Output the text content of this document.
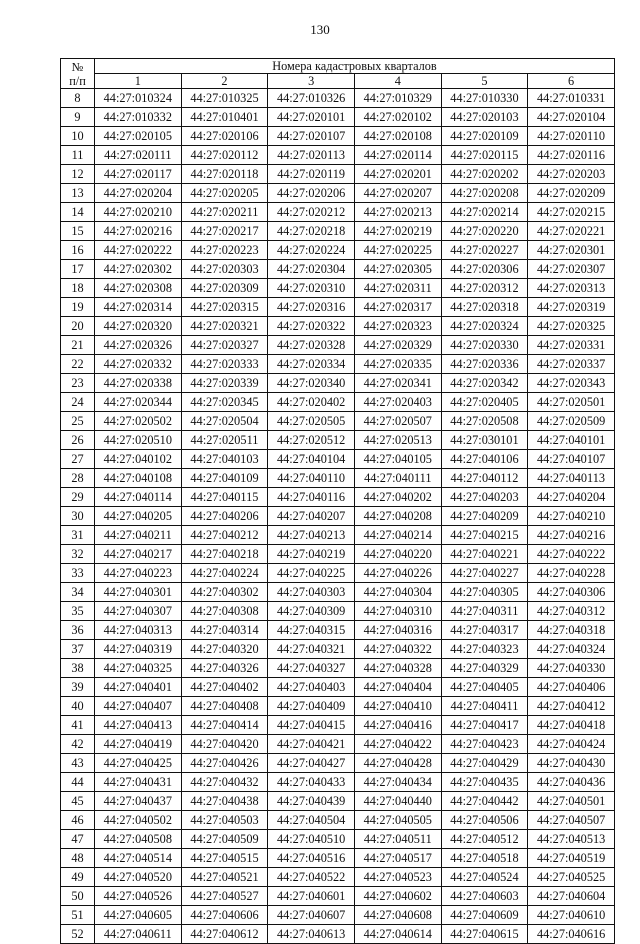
130
№
п/п	Номера кадастровых кварталов					
	1	2	3	4	5	6
8	44:27:010324	44:27:010325	44:27:010326	44:27:010329	44:27:010330	44:27:010331
9	44:27:010332	44:27:010401	44:27:020101	44:27:020102	44:27:020103	44:27:020104
10	44:27:020105	44:27:020106	44:27:020107	44:27:020108	44:27:020109	44:27:020110
11	44:27:020111	44:27:020112	44:27:020113	44:27:020114	44:27:020115	44:27:020116
12	44:27:020117	44:27:020118	44:27:020119	44:27:020201	44:27:020202	44:27:020203
13	44:27:020204	44:27:020205	44:27:020206	44:27:020207	44:27:020208	44:27:020209
14	44:27:020210	44:27:020211	44:27:020212	44:27:020213	44:27:020214	44:27:020215
15	44:27:020216	44:27:020217	44:27:020218	44:27:020219	44:27:020220	44:27:020221
16	44:27:020222	44:27:020223	44:27:020224	44:27:020225	44:27:020227	44:27:020301
17	44:27:020302	44:27:020303	44:27:020304	44:27:020305	44:27:020306	44:27:020307
18	44:27:020308	44:27:020309	44:27:020310	44:27:020311	44:27:020312	44:27:020313
19	44:27:020314	44:27:020315	44:27:020316	44:27:020317	44:27:020318	44:27:020319
20	44:27:020320	44:27:020321	44:27:020322	44:27:020323	44:27:020324	44:27:020325
21	44:27:020326	44:27:020327	44:27:020328	44:27:020329	44:27:020330	44:27:020331
22	44:27:020332	44:27:020333	44:27:020334	44:27:020335	44:27:020336	44:27:020337
23	44:27:020338	44:27:020339	44:27:020340	44:27:020341	44:27:020342	44:27:020343
24	44:27:020344	44:27:020345	44:27:020402	44:27:020403	44:27:020405	44:27:020501
25	44:27:020502	44:27:020504	44:27:020505	44:27:020507	44:27:020508	44:27:020509
26	44:27:020510	44:27:020511	44:27:020512	44:27:020513	44:27:030101	44:27:040101
27	44:27:040102	44:27:040103	44:27:040104	44:27:040105	44:27:040106	44:27:040107
28	44:27:040108	44:27:040109	44:27:040110	44:27:040111	44:27:040112	44:27:040113
29	44:27:040114	44:27:040115	44:27:040116	44:27:040202	44:27:040203	44:27:040204
30	44:27:040205	44:27:040206	44:27:040207	44:27:040208	44:27:040209	44:27:040210
31	44:27:040211	44:27:040212	44:27:040213	44:27:040214	44:27:040215	44:27:040216
32	44:27:040217	44:27:040218	44:27:040219	44:27:040220	44:27:040221	44:27:040222
33	44:27:040223	44:27:040224	44:27:040225	44:27:040226	44:27:040227	44:27:040228
34	44:27:040301	44:27:040302	44:27:040303	44:27:040304	44:27:040305	44:27:040306
35	44:27:040307	44:27:040308	44:27:040309	44:27:040310	44:27:040311	44:27:040312
36	44:27:040313	44:27:040314	44:27:040315	44:27:040316	44:27:040317	44:27:040318
37	44:27:040319	44:27:040320	44:27:040321	44:27:040322	44:27:040323	44:27:040324
38	44:27:040325	44:27:040326	44:27:040327	44:27:040328	44:27:040329	44:27:040330
39	44:27:040401	44:27:040402	44:27:040403	44:27:040404	44:27:040405	44:27:040406
40	44:27:040407	44:27:040408	44:27:040409	44:27:040410	44:27:040411	44:27:040412
41	44:27:040413	44:27:040414	44:27:040415	44:27:040416	44:27:040417	44:27:040418
42	44:27:040419	44:27:040420	44:27:040421	44:27:040422	44:27:040423	44:27:040424
43	44:27:040425	44:27:040426	44:27:040427	44:27:040428	44:27:040429	44:27:040430
44	44:27:040431	44:27:040432	44:27:040433	44:27:040434	44:27:040435	44:27:040436
45	44:27:040437	44:27:040438	44:27:040439	44:27:040440	44:27:040442	44:27:040501
46	44:27:040502	44:27:040503	44:27:040504	44:27:040505	44:27:040506	44:27:040507
47	44:27:040508	44:27:040509	44:27:040510	44:27:040511	44:27:040512	44:27:040513
48	44:27:040514	44:27:040515	44:27:040516	44:27:040517	44:27:040518	44:27:040519
49	44:27:040520	44:27:040521	44:27:040522	44:27:040523	44:27:040524	44:27:040525
50	44:27:040526	44:27:040527	44:27:040601	44:27:040602	44:27:040603	44:27:040604
51	44:27:040605	44:27:040606	44:27:040607	44:27:040608	44:27:040609	44:27:040610
52	44:27:040611	44:27:040612	44:27:040613	44:27:040614	44:27:040615	44:27:040616
